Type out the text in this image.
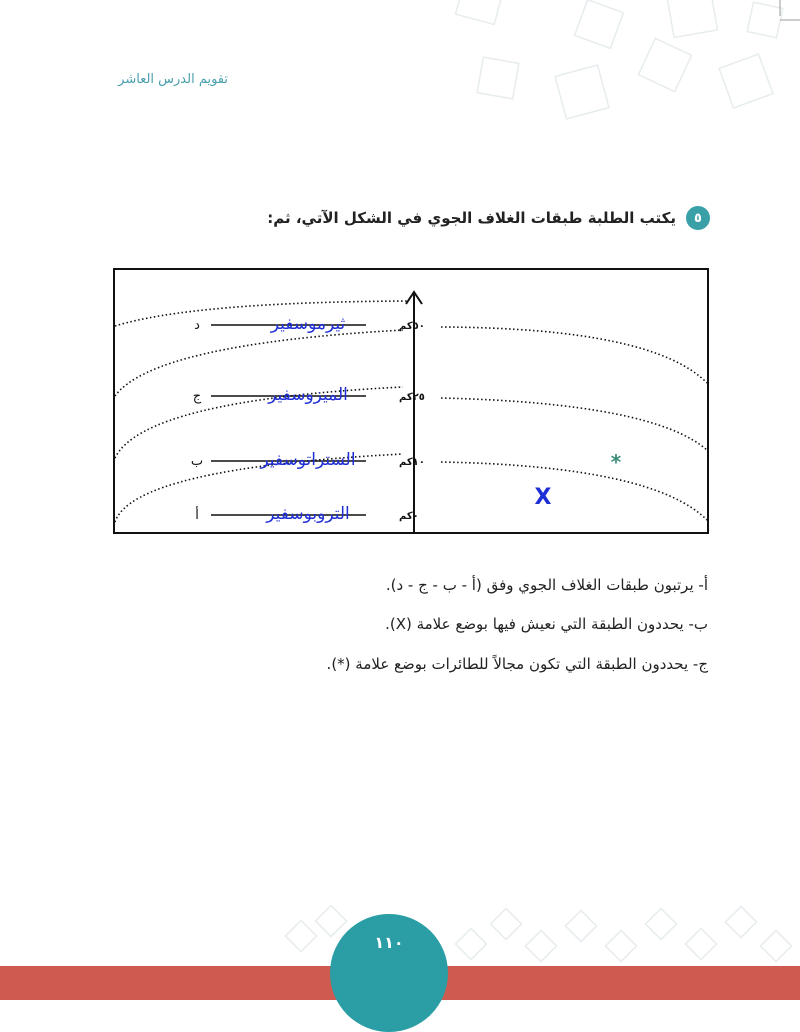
تقويم الدرس العاشر
٥
يكتب الطلبة طبقات الغلاف الجوي في الشكل الآتي، ثم:
د
ج
ب
أ
ثيرموسفير
الميزوسفير
الستراتوسفير
التروبوسفير
٥٠كم
٢٥كم
١٠كم
٠كم
X
*
أ- يرتبون طبقات الغلاف الجوي وفق (أ - ب - ج - د).
ب- يحددون الطبقة التي نعيش فيها بوضع علامة (X).
ج- يحددون الطبقة التي تكون مجالاً للطائرات بوضع علامة (*).
١١٠
